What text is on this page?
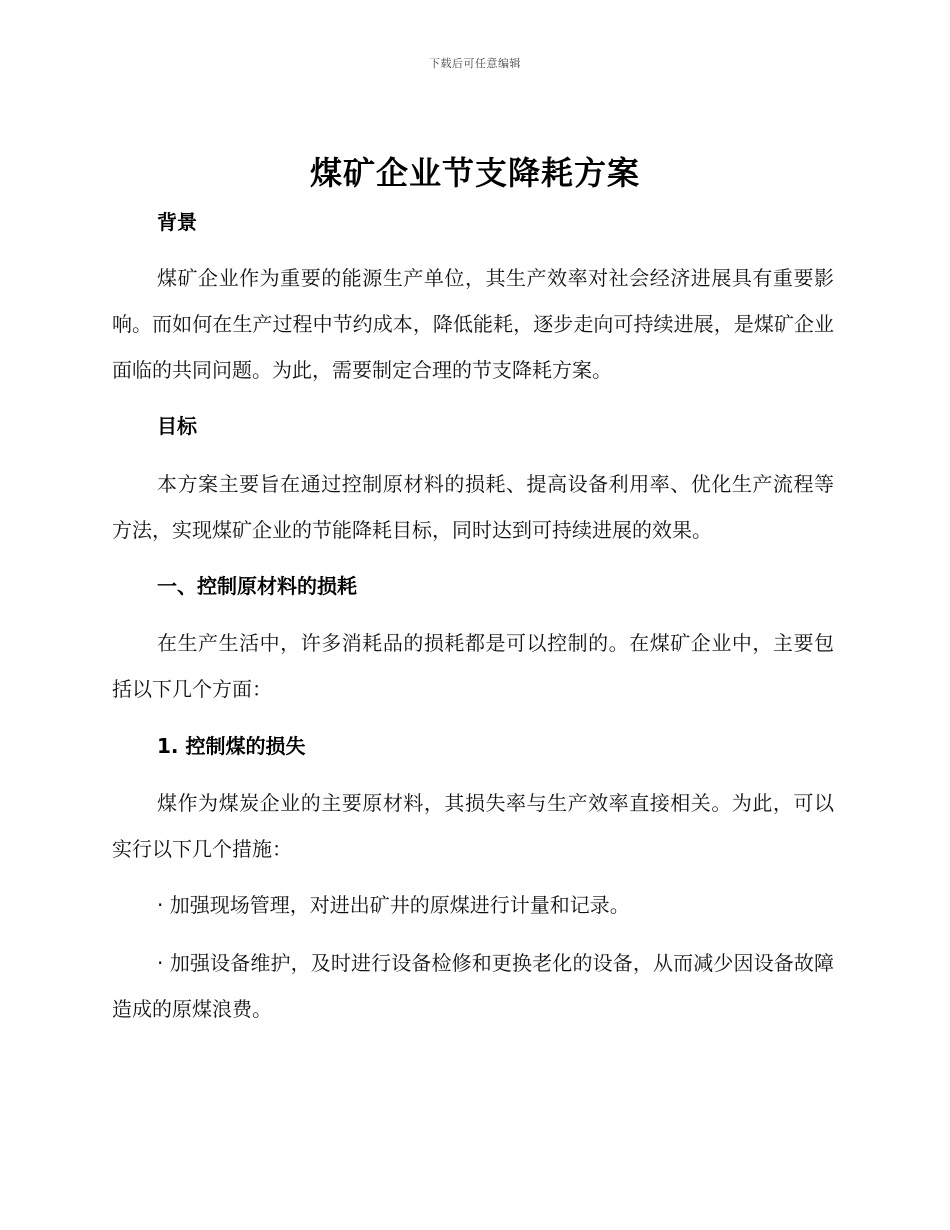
下载后可任意编辑
煤矿企业节支降耗方案
背景

煤矿企业作为重要的能源生产单位，其生产效率对社会经济进展具有重要影响。而如何在生产过程中节约成本，降低能耗，逐步走向可持续进展，是煤矿企业面临的共同问题。为此，需要制定合理的节支降耗方案。

目标

本方案主要旨在通过控制原材料的损耗、提高设备利用率、优化生产流程等方法，实现煤矿企业的节能降耗目标，同时达到可持续进展的效果。

一、控制原材料的损耗

在生产生活中，许多消耗品的损耗都是可以控制的。在煤矿企业中，主要包括以下几个方面：

1. 控制煤的损失

煤作为煤炭企业的主要原材料，其损失率与生产效率直接相关。为此，可以实行以下几个措施：

· 加强现场管理，对进出矿井的原煤进行计量和记录。

· 加强设备维护，及时进行设备检修和更换老化的设备，从而减少因设备故障造成的原煤浪费。
